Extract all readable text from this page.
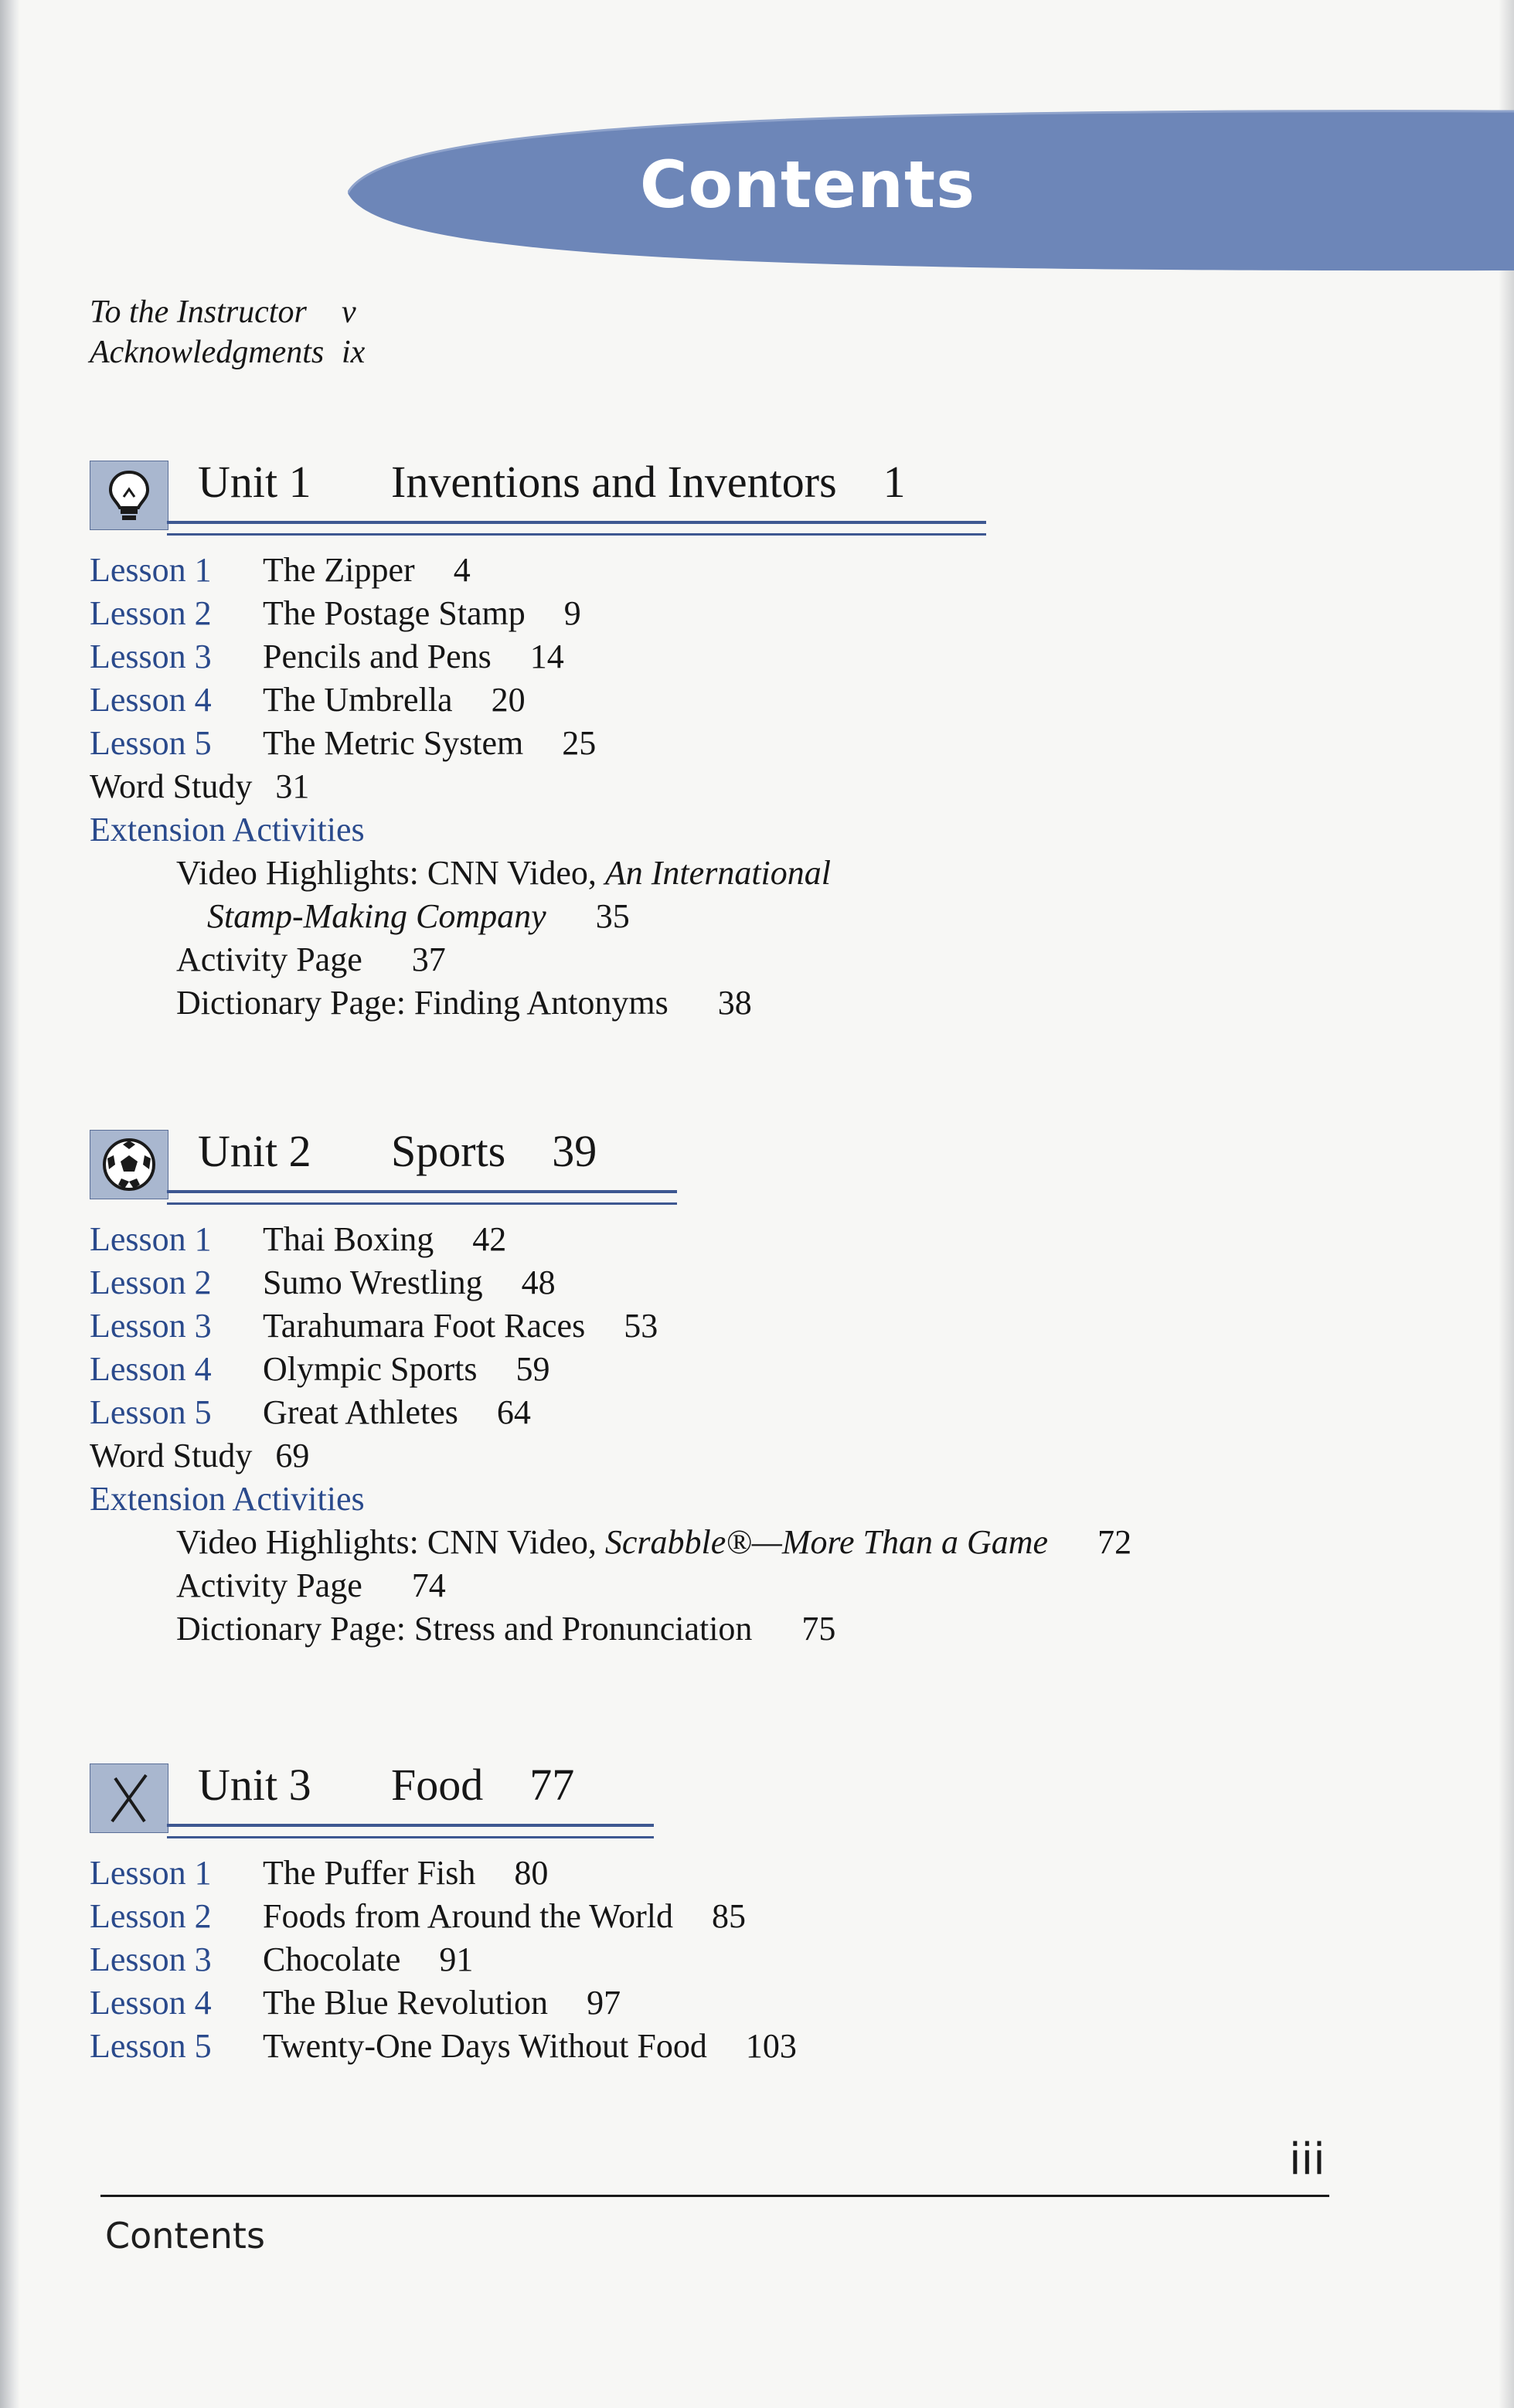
Contents
To the Instructor	v
Acknowledgments ix
Unit 1	Inventions and Inventors 1
Lesson 1	The Zipper 4
Lesson 2	The Postage Stamp 9
Lesson 3	Pencils and Pens 14
Lesson 4	The Umbrella 20
Lesson 5	The Metric System 25
Word Study 31
Extension Activities
Video Highlights: CNN Video, An International
Stamp-Making Company 35
Activity Page 37
Dictionary Page: Finding Antonyms 38
Unit 2	Sports 39
Lesson 1	Thai Boxing 42
Lesson 2	Sumo Wrestling 48
Lesson 3	Tarahumara Foot Races 53
Lesson 4	Olympic Sports 59
Lesson 5	Great Athletes 64
Word Study 69
Extension Activities
Video Highlights: CNN Video, Scrabble®—More Than a Game 72
Activity Page 74
Dictionary Page: Stress and Pronunciation 75
Unit 3	Food 77
Lesson 1	The Puffer Fish 80
Lesson 2	Foods from Around the World 85
Lesson 3	Chocolate 91
Lesson 4	The Blue Revolution 97
Lesson 5	Twenty-One Days Without Food 103
iii
Contents
